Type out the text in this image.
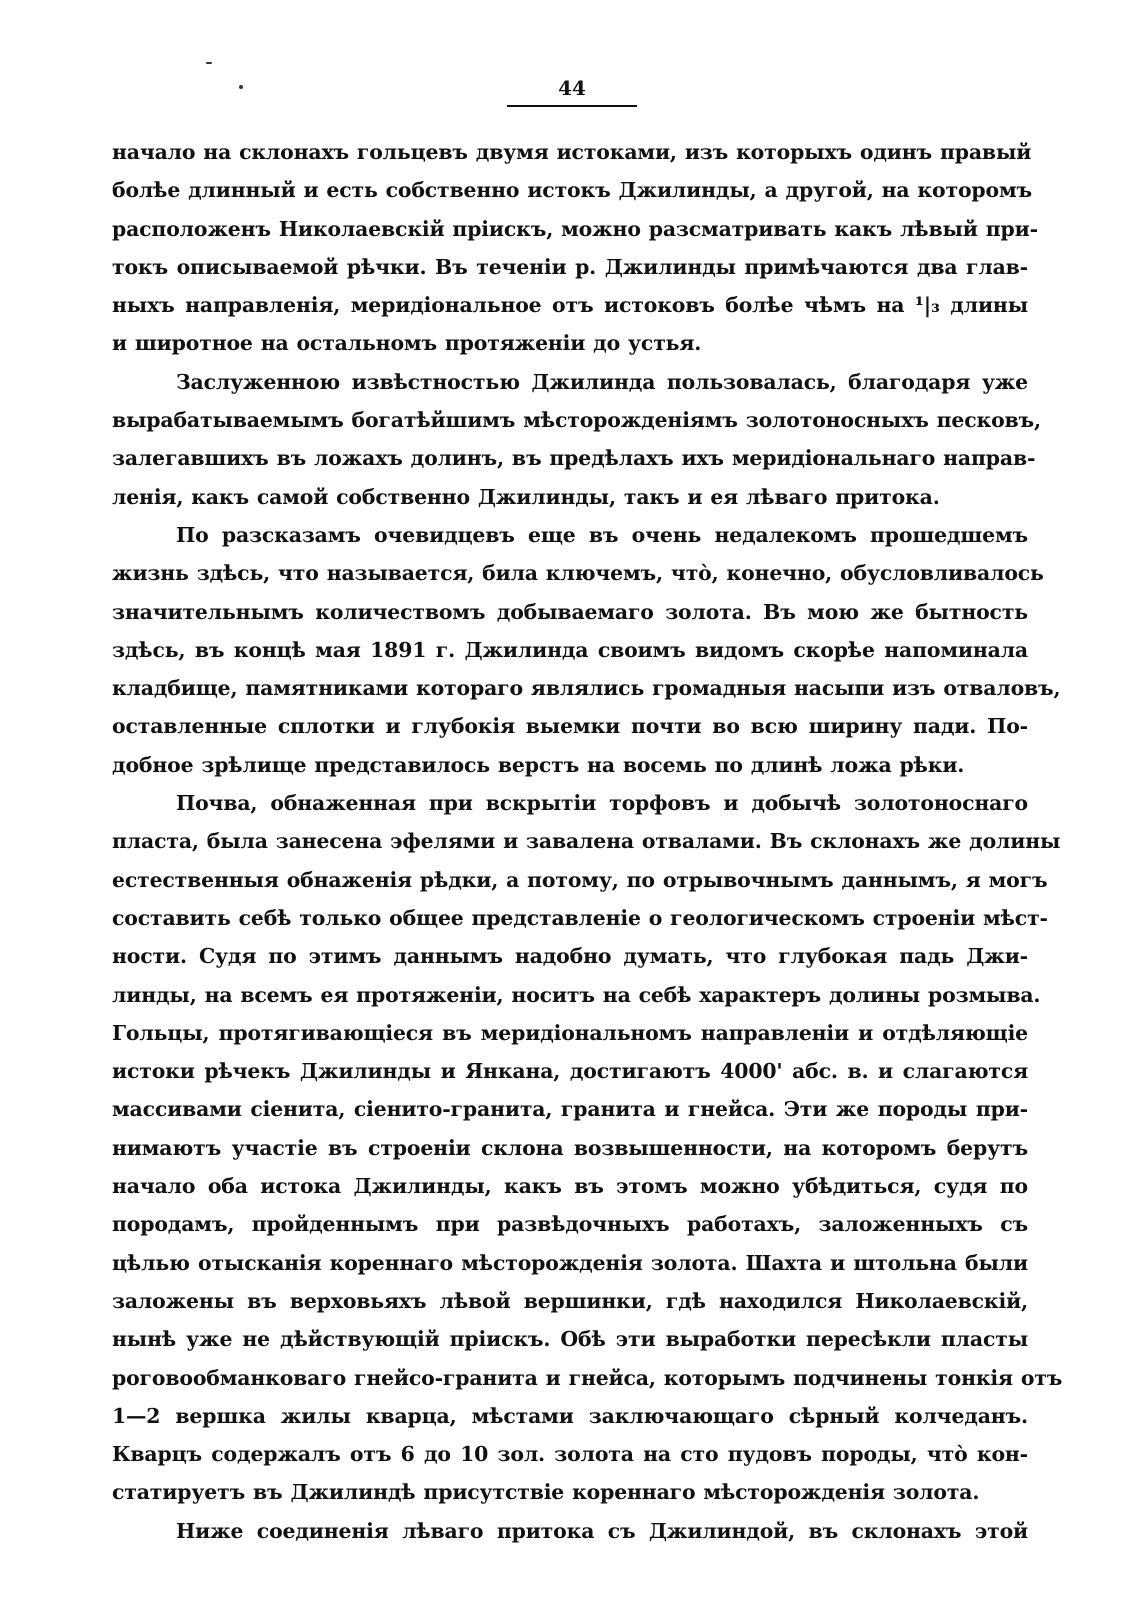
44
начало на склонахъ гольцевъ двумя истоками, изъ которыхъ одинъ правый
болѣе длинный и есть собственно истокъ Джилинды, а другой, на которомъ
расположенъ Николаевскій пріискъ, можно разсматривать какъ лѣвый при-
токъ описываемой рѣчки. Въ теченіи р. Джилинды примѣчаются два глав-
ныхъ направленія, меридіональное отъ истоковъ болѣе чѣмъ на ¹|₃ длины
и широтное на остальномъ протяженіи до устья.
Заслуженною извѣстностью Джилинда пользовалась, благодаря уже
вырабатываемымъ богатѣйшимъ мѣсторожденіямъ золотоносныхъ песковъ,
залегавшихъ въ ложахъ долинъ, въ предѣлахъ ихъ меридіональнаго направ-
ленія, какъ самой собственно Джилинды, такъ и ея лѣваго притока.
По разсказамъ очевидцевъ еще въ очень недалекомъ прошедшемъ
жизнь здѣсь, что называется, била ключемъ, что̀, конечно, обусловливалось
значительнымъ количествомъ добываемаго золота. Въ мою же бытность
здѣсь, въ концѣ мая 1891 г. Джилинда своимъ видомъ скорѣе напоминала
кладбище, памятниками котораго являлись громадныя насыпи изъ отваловъ,
оставленные сплотки и глубокія выемки почти во всю ширину пади. По-
добное зрѣлище представилось верстъ на восемь по длинѣ ложа рѣки.
Почва, обнаженная при вскрытіи торфовъ и добычѣ золотоноснаго
пласта, была занесена эфелями и завалена отвалами. Въ склонахъ же долины
естественныя обнаженія рѣдки, а потому, по отрывочнымъ даннымъ, я могъ
составить себѣ только общее представленіе о геологическомъ строеніи мѣст-
ности. Судя по этимъ даннымъ надобно думать, что глубокая падь Джи-
линды, на всемъ ея протяженіи, носитъ на себѣ характеръ долины розмыва.
Гольцы, протягивающіеся въ меридіональномъ направленіи и отдѣляющіе
истоки рѣчекъ Джилинды и Янкана, достигаютъ 4000' абс. в. и слагаются
массивами сіенита, сіенито-гранита, гранита и гнейса. Эти же породы при-
нимаютъ участіе въ строеніи склона возвышенности, на которомъ берутъ
начало оба истока Джилинды, какъ въ этомъ можно убѣдиться, судя по
породамъ, пройденнымъ при развѣдочныхъ работахъ, заложенныхъ съ
цѣлью отысканія кореннаго мѣсторожденія золота. Шахта и штольна были
заложены въ верховьяхъ лѣвой вершинки, гдѣ находился Николаевскій,
нынѣ уже не дѣйствующій пріискъ. Обѣ эти выработки пересѣкли пласты
роговообманковаго гнейсо-гранита и гнейса, которымъ подчинены тонкія отъ
1—2 вершка жилы кварца, мѣстами заключающаго сѣрный колчеданъ.
Кварцъ содержалъ отъ 6 до 10 зол. золота на сто пудовъ породы, что̀ кон-
статируетъ въ Джилиндѣ присутствіе кореннаго мѣсторожденія золота.
Ниже соединенія лѣваго притока съ Джилиндой, въ склонахъ этой
